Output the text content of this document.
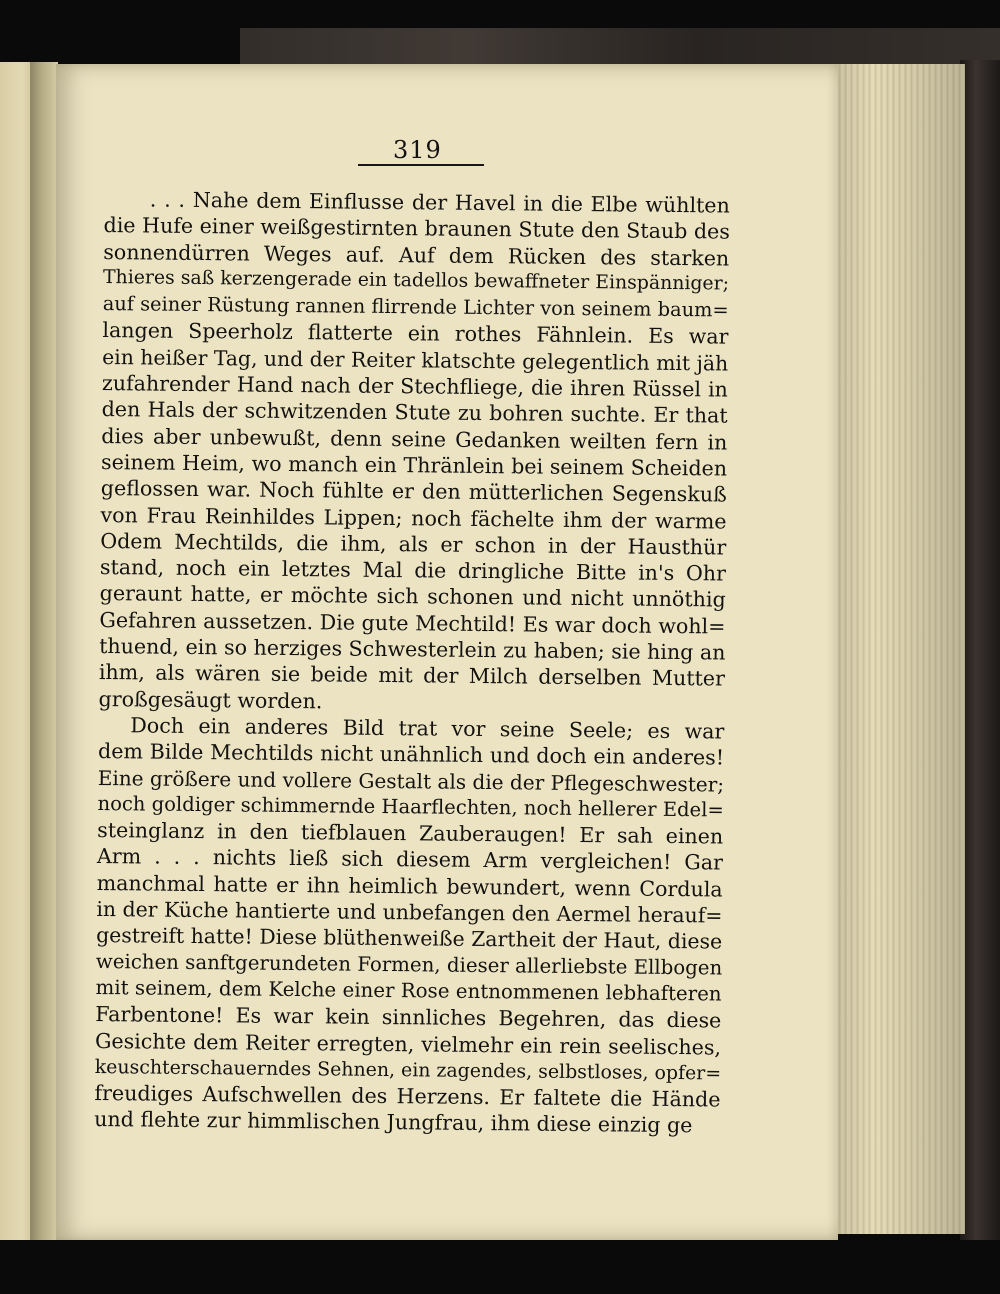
319
. . . Nahe dem Einflusse der Havel in die Elbe wühlten
die Hufe einer weißgestirnten braunen Stute den Staub des
sonnendürren Weges auf. Auf dem Rücken des starken
Thieres saß kerzengerade ein tadellos bewaffneter Einspänniger;
auf seiner Rüstung rannen flirrende Lichter von seinem baum=
langen Speerholz flatterte ein rothes Fähnlein. Es war
ein heißer Tag, und der Reiter klatschte gelegentlich mit jäh
zufahrender Hand nach der Stechfliege, die ihren Rüssel in
den Hals der schwitzenden Stute zu bohren suchte. Er that
dies aber unbewußt, denn seine Gedanken weilten fern in
seinem Heim, wo manch ein Thränlein bei seinem Scheiden
geflossen war. Noch fühlte er den mütterlichen Segenskuß
von Frau Reinhildes Lippen; noch fächelte ihm der warme
Odem Mechtilds, die ihm, als er schon in der Hausthür
stand, noch ein letztes Mal die dringliche Bitte in's Ohr
geraunt hatte, er möchte sich schonen und nicht unnöthig
Gefahren aussetzen. Die gute Mechtild! Es war doch wohl=
thuend, ein so herziges Schwesterlein zu haben; sie hing an
ihm, als wären sie beide mit der Milch derselben Mutter
großgesäugt worden.
Doch ein anderes Bild trat vor seine Seele; es war
dem Bilde Mechtilds nicht unähnlich und doch ein anderes!
Eine größere und vollere Gestalt als die der Pflegeschwester;
noch goldiger schimmernde Haarflechten, noch hellerer Edel=
steinglanz in den tiefblauen Zauberaugen! Er sah einen
Arm . . . nichts ließ sich diesem Arm vergleichen! Gar
manchmal hatte er ihn heimlich bewundert, wenn Cordula
in der Küche hantierte und unbefangen den Aermel herauf=
gestreift hatte! Diese blüthenweiße Zartheit der Haut, diese
weichen sanftgerundeten Formen, dieser allerliebste Ellbogen
mit seinem, dem Kelche einer Rose entnommenen lebhafteren
Farbentone! Es war kein sinnliches Begehren, das diese
Gesichte dem Reiter erregten, vielmehr ein rein seelisches,
keuschterschauerndes Sehnen, ein zagendes, selbstloses, opfer=
freudiges Aufschwellen des Herzens. Er faltete die Hände
und flehte zur himmlischen Jungfrau, ihm diese einzig ge
